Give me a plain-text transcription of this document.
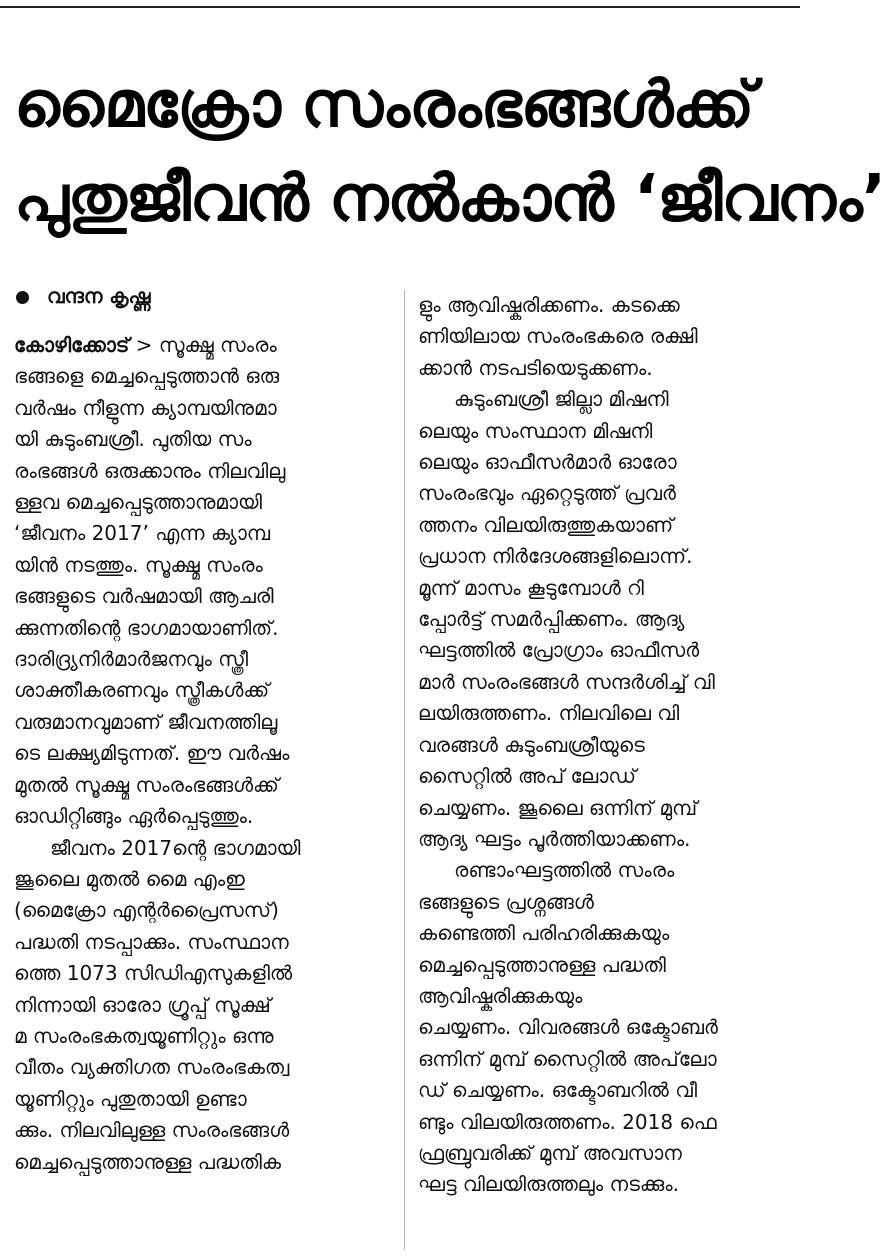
മൈക്രോ സംരംഭങ്ങൾക്ക്
പുതുജീവൻ നൽകാൻ ‘ജീവനം’
വന്ദന കൃഷ്ണ
കോഴിക്കോട് > സൂക്ഷ്മ സംരം
ഭങ്ങളെ മെച്ചപ്പെടുത്താൻ ഒരു
വർഷം നീളുന്ന ക്യാമ്പയിനുമാ
യി കുടുംബശ്രീ. പുതിയ സം
രംഭങ്ങൾ ഒരുക്കാനും നിലവിലു
ള്ളവ മെച്ചപ്പെടുത്താനുമായി
‘ജീവനം 2017’ എന്ന ക്യാമ്പ
യിൻ നടത്തും. സൂക്ഷ്മ സംരം
ഭങ്ങളുടെ വർഷമായി ആചരി
ക്കുന്നതിന്റെ ഭാഗമായാണിത്.
ദാരിദ്ര്യനിർമാർജനവും സ്ത്രീ
ശാക്തീകരണവും സ്ത്രീകൾക്ക്
വരുമാനവുമാണ് ജീവനത്തിലൂ
ടെ ലക്ഷ്യമിടുന്നത്. ഈ വർഷം
മുതൽ സൂക്ഷ്മ സംരംഭങ്ങൾക്ക്
ഓഡിറ്റിങ്ങും ഏർപ്പെടുത്തും.
ജീവനം 2017ന്റെ ഭാഗമായി
ജൂലൈ മുതൽ മൈ എംഇ
(മൈക്രോ എന്റർപ്രൈസസ്)
പദ്ധതി നടപ്പാക്കും. സംസ്ഥാന
ത്തെ 1073 സിഡിഎസുകളിൽ
നിന്നായി ഓരോ ഗ്രൂപ്പ് സൂക്ഷ്
മ സംരംഭകത്വയൂണിറ്റും ഒന്നു
വീതം വ്യക്തിഗത സംരംഭകത്വ
യൂണിറ്റും പുതുതായി ഉണ്ടാ
ക്കും. നിലവിലുള്ള സംരംഭങ്ങൾ
മെച്ചപ്പെടുത്താനുള്ള പദ്ധതിക
ളും ആവിഷ്കരിക്കണം. കടക്കെ
ണിയിലായ സംരംഭകരെ രക്ഷി
ക്കാൻ നടപടിയെടുക്കണം.
കുടുംബശ്രീ ജില്ലാ മിഷനി
ലെയും സംസ്ഥാന മിഷനി
ലെയും ഓഫീസർമാർ ഓരോ
സംരംഭവും ഏറ്റെടുത്ത് പ്രവർ
ത്തനം വിലയിരുത്തുകയാണ്
പ്രധാന നിർദേശങ്ങളിലൊന്ന്.
മൂന്ന് മാസം കൂടുമ്പോൾ റി
പ്പോർട്ട് സമർപ്പിക്കണം. ആദ്യ
ഘട്ടത്തിൽ പ്രോഗ്രാം ഓഫീസർ
മാർ സംരംഭങ്ങൾ സന്ദർശിച്ച് വി
ലയിരുത്തണം. നിലവിലെ വി
വരങ്ങൾ കുടുംബശ്രീയുടെ
സൈറ്റിൽ അപ് ലോഡ്
ചെയ്യണം. ജൂലൈ ഒന്നിന് മുമ്പ്
ആദ്യ ഘട്ടം പൂർത്തിയാക്കണം.
രണ്ടാംഘട്ടത്തിൽ സംരം
ഭങ്ങളുടെ പ്രശ്നങ്ങൾ
കണ്ടെത്തി പരിഹരിക്കുകയും
മെച്ചപ്പെടുത്താനുള്ള പദ്ധതി
ആവിഷ്കരിക്കുകയും
ചെയ്യണം. വിവരങ്ങൾ ഒക്ടോബർ
ഒന്നിന് മുമ്പ് സൈറ്റിൽ അപ്‌ലോ
ഡ് ചെയ്യണം. ഒക്ടോബറിൽ വീ
ണ്ടും വിലയിരുത്തണം. 2018 ഫെ
ഫ്രബ്രുവരിക്ക് മുമ്പ് അവസാന
ഘട്ട വിലയിരുത്തലും നടക്കും.
